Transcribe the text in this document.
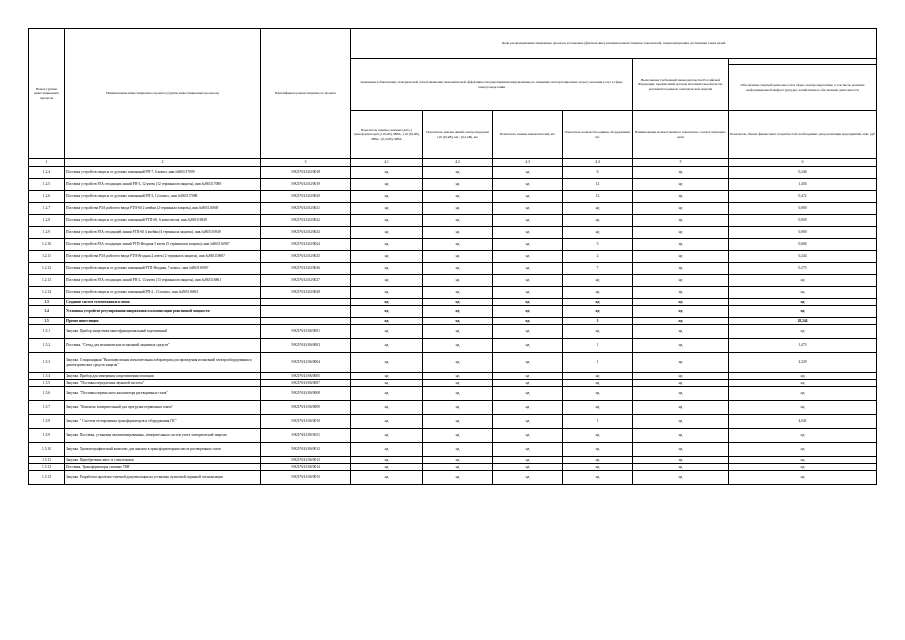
Номер группы инвестиционных проектов	Наименование инвестиционного проекта (группы инвестиционных проектов)	Идентификатор инвестиционного проекта	Цели реализации инвестиционных проектов и плановые (фактические) значения количественных показателей, характеризующих достижение таких целей					
			Замещение (обновление) электрической сети/повышение экономической эффективности (мероприятия направленные на снижение эксплуатационных затрат) оказания услуг в сфере электроэнергетики				Выполнение требований законодательства Российской Федерации, предписаний органов исполнительной власти, регламентов рынков электрической энергии	
								Обеспечение текущей деятельности в сфере электроэнергетики, в том числе развитие информационной инфраструктуры, хозяйственное обеспечение деятельности
			Показатель замены силовых (авто-) трансформаторов (110 кВ), МВА / (10 (6) кВ), МВА / (0,4 кВ), МВА	Показатель замены линий электропередачи (10 (6) кВ), км / (0,4 кВ), км	Показатель замены выключателей, шт.	Показатель количества единиц оборудования, шт.	Наименование количественного показателя, соответствующего цели	Показатель объема финансовых потребностей, необходимых для реализации мероприятий, млн. руб
1	2	3	4.1	4.2	4.3	4.4	5	6
1.2.4	Поставка устройств защиты от дуговых замыканий РП-7, 6 компл.,инв.№865117009	Э/КЛ/Ч/41/02/0018	нд	нд	нд	6	нд	0,246
1.2.5	Поставка устройств РЗА отходящих линий РП-3, 12 ячеек (12 терминалов защиты), инв.№865117088	Э/КЛ/Ч/41/02/0019	нд	нд	нд	12	нд	1,456
1.2.6	Поставка устройств защиты от дуговых замыканий РП-3, 12 компл., инв.№865117088	Э/КЛ/Ч/41/02/0020	нд	нд	нд	12	нд	0,472
1.2.7	Поставка устройства РЗА рабочего ввода РТП-60 2 ячейки (2 терминала защиты), инв.№865116949	Э/КЛ/Ч/41/02/0021	нд	нд	нд	нд	нд	0,000
1.2.8	Поставка устройств защиты от дуговых замыканий РТП-60, 6 комплектов, инв.№865116949	Э/КЛ/Ч/41/02/0022	нд	нд	нд	нд	нд	0,000
1.2.9	Поставка устройств РЗА отходящей линии РТП-60 4 ячейки (4 терминала защиты), инв.№865116949	Э/КЛ/Ч/41/02/0023	нд	нд	нд	нд	нд	0,000
1.2.10	Поставка устройств РЗА отходящих линий РТП-Ягодная 5 ячеек (5 терминалов защиты), инв.№865116967	Э/КЛ/Ч/41/02/0024	нд	нд	нд	5	нд	0,606
1.2.11	Поставка устройства РЗА рабочего ввода РТП-Ягодная 2 ячеек (2 терминала защиты), инв.№865116967	Э/КЛ/Ч/41/02/0025	нд	нд	нд	2	нд	0,244
1.2.12	Поставка устройств защиты от дуговых замыканий РТП-Ягодная, 7 компл., инв.№865116967	Э/КЛ/Ч/41/02/0026	нд	нд	нд	7	нд	0,275
1.2.13	Поставка устройств РЗА отходящих линий РП-2, 13 ячеек (13 терминалов защиты), инв.№865116861	Э/КЛ/Ч/41/02/0027	нд	нд	нд	нд	нд	нд
1.2.14	Поставка устройств защиты от дуговых замыканий РП-2 , 13 компл., инв.№865116861	Э/КЛ/Ч/41/02/0028	нд	нд	нд	нд	нд	нд
1.3	Создание систем телемеханики и связи		нд	нд	нд	нд	нд	нд
1.4	Установка устройств регулирования напряжения и компенсации реактивной мощности		нд	нд	нд	нд	нд	нд
1.5	Прочие инвестиции		нд	нд	нд	3	нд	28,244
1.5.1	Закупка. Прибор энерготика многофункциональный портативный	Э/КЛ/Ч/41/06/0001	нд	нд	нд	нд	нд	нд
1.5.2	Поставка. "Стенд для механических испытаний защитных средств"	Э/КЛ/Ч/41/06/0003	нд	нд	нд	1	нд	1,473
1.5.3	Закупка. Стационарная "Высоковольтная испытательная лаборатория для проведения испытаний электрооборудования и диэлектрических средств защиты"	Э/КЛ/Ч/41/06/0004	нд	нд	нд	1	нд	2,329
1.5.4	Закупка. Прибор для измерения сопротивления изоляции	Э/КЛ/Ч/41/06/0005	нд	нд	нд	нд	нд	нд
1.5.5	Закупка. "Поставка передатчика звуковой частоты"	Э/КЛ/Ч/41/06/0007	нд	нд	нд	нд	нд	нд
1.5.6	Закупка. "Поставка переносного анализатора растворенных газов"	Э/КЛ/Ч/41/06/0008	нд	нд	нд	нд	нд	нд
1.5.7	Закупка. "Комплекс измерительный для прогрузки первичным током"	Э/КЛ/Ч/41/06/0009	нд	нд	нд	нд	нд	нд
1.5.8	Закупка. " Система тестирования трансформаторов и оборудования ПС"	Э/КЛ/Ч/41/06/0010	нд	нд	нд	1	нд	4,041
1.5.9	Закупка. Поставка, установка автоматизированных, измерительных систем учета электрической энергии	Э/КЛ/Ч/41/06/0011	нд	нд	нд	нд	нд	нд
1.5.10	Закупка. Хроматографический комплекс для анализа в трансформаторном масле растворенных газов	Э/КЛ/Ч/41/06/0012	нд	нд	нд	нд	нд	нд
1.5.11	Закупка. Приобретение авто- и спецтехники	Э/КЛ/Ч/41/06/0013	нд	нд	нд	нд	нд	нд
1.5.12	Поставка. Трансформаторы силовые ТМГ	Э/КЛ/Ч/41/06/0014	нд	нд	нд	нд	нд	нд
1.5.13	Закупка. Разработка проектно-сметной документации на установку пультовой охранной сигнализации	Э/КЛ/Ч/41/06/0015	нд	нд	нд	нд	нд	нд
